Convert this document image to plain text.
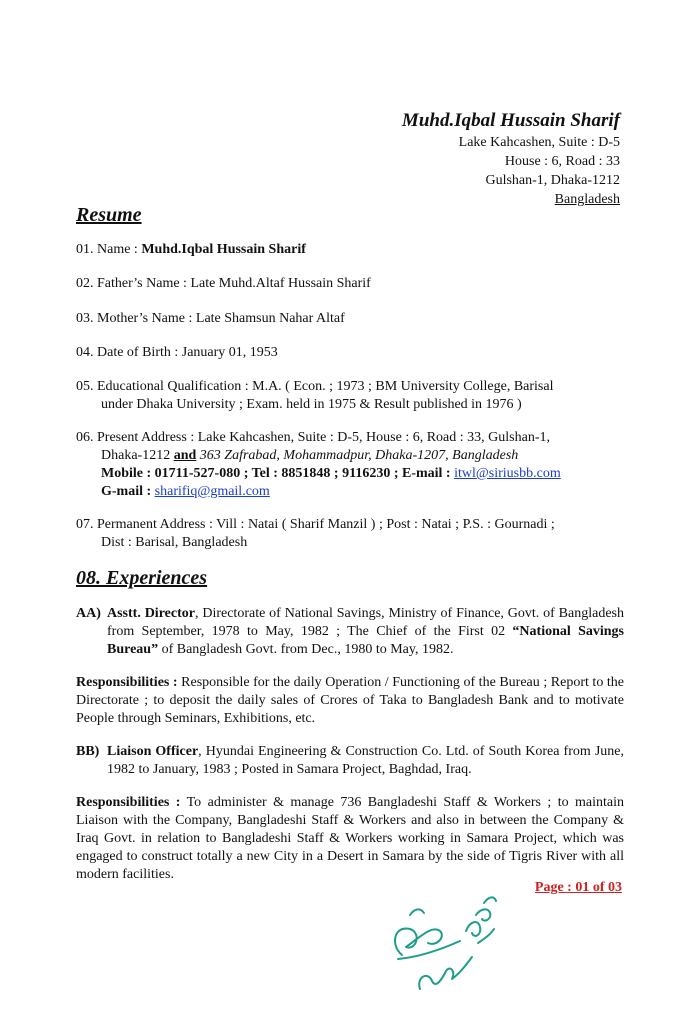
Muhd.Iqbal Hussain Sharif
Lake Kahcashen, Suite : D-5
House : 6, Road : 33
Gulshan-1, Dhaka-1212
Bangladesh
Resume
01. Name : Muhd.Iqbal Hussain Sharif
02. Father’s Name : Late Muhd.Altaf Hussain Sharif
03. Mother’s Name : Late Shamsun Nahar Altaf
04. Date of Birth : January 01, 1953
05. Educational Qualification : M.A. ( Econ. ; 1973 ; BM University College, Barisal
under Dhaka University ; Exam. held in 1975 & Result published in 1976 )
06. Present Address : Lake Kahcashen, Suite : D-5, House : 6, Road : 33, Gulshan-1,
Dhaka-1212 and 363 Zafrabad, Mohammadpur, Dhaka-1207, Bangladesh
Mobile : 01711-527-080 ; Tel : 8851848 ; 9116230 ; E-mail : itwl@siriusbb.com
G-mail : sharifiq@gmail.com
07. Permanent Address : Vill : Natai ( Sharif Manzil ) ; Post : Natai ; P.S. : Gournadi ;
Dist : Barisal, Bangladesh
08. Experiences
AA) Asstt. Director, Directorate of National Savings, Ministry of Finance, Govt. of Bangladesh from September, 1978 to May, 1982 ; The Chief of the First 02 “National Savings Bureau” of Bangladesh Govt. from Dec., 1980 to May, 1982.
Responsibilities : Responsible for the daily Operation / Functioning of the Bureau ; Report to the Directorate ; to deposit the daily sales of Crores of Taka to Bangladesh Bank and to motivate People through Seminars, Exhibitions, etc.
BB) Liaison Officer, Hyundai Engineering & Construction Co. Ltd. of South Korea from June, 1982 to January, 1983 ; Posted in Samara Project, Baghdad, Iraq.
Responsibilities : To administer & manage 736 Bangladeshi Staff & Workers ; to maintain Liaison with the Company, Bangladeshi Staff & Workers and also in between the Company & Iraq Govt. in relation to Bangladeshi Staff & Workers working in Samara Project, which was engaged to construct totally a new City in a Desert in Samara by the side of Tigris River with all modern facilities.
Page : 01 of 03
